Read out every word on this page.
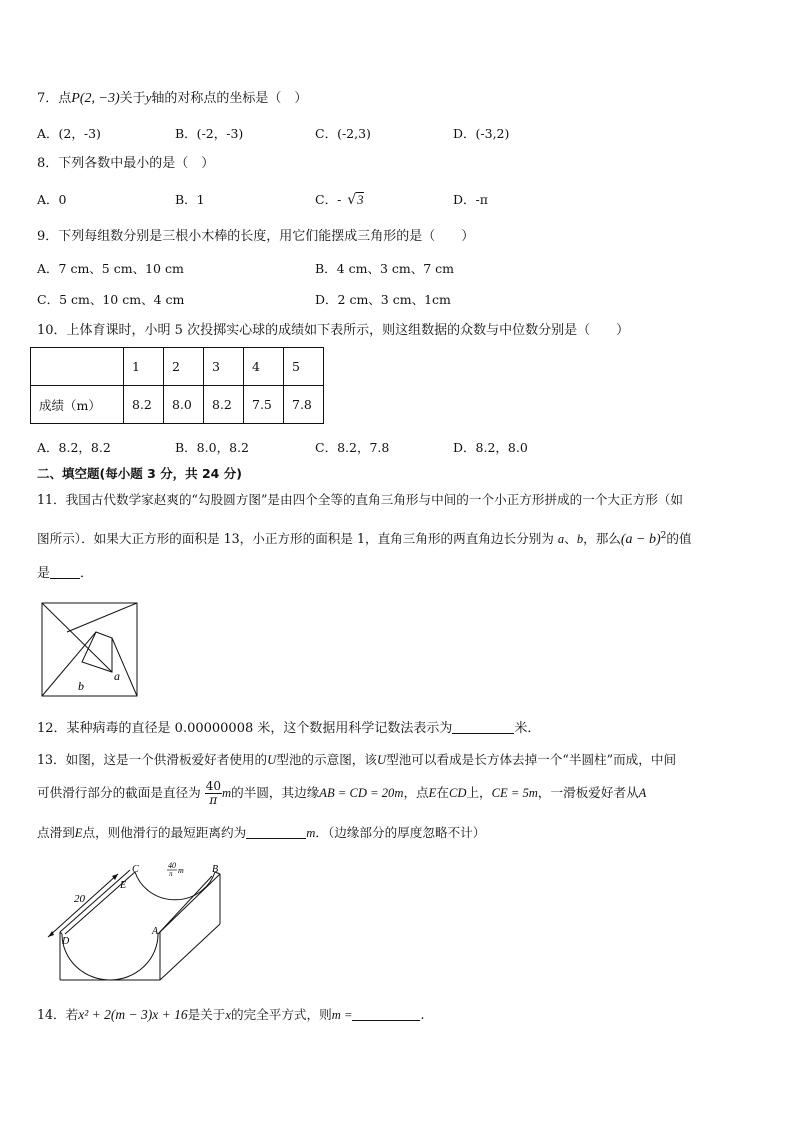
7．点P(2, −3)关于y轴的对称点的坐标是（　）
A．(2，-3)	B．(-2，-3)	C．(-2,3)	D．(-3,2)
8．下列各数中最小的是（　）
A．0	B．1	C．- √3	D．-π
9．下列每组数分别是三根小木棒的长度，用它们能摆成三角形的是（　　）
A．7 cm、5 cm、10 cm	B．4 cm、3 cm、7 cm
C．5 cm、10 cm、4 cm	D．2 cm、3 cm、1cm
10．上体育课时，小明 5 次投掷实心球的成绩如下表所示，则这组数据的众数与中位数分别是（　　）
	1	2	3	4	5
成绩（m）	8.2	8.0	8.2	7.5	7.8
A．8.2，8.2	B．8.0，8.2	C．8.2，7.8	D．8.2，8.0
二、填空题(每小题 3 分，共 24 分)
11．我国古代数学家赵爽的“勾股圆方图”是由四个全等的直角三角形与中间的一个小正方形拼成的一个大正方形（如
图所示）．如果大正方形的面积是 13，小正方形的面积是 1，直角三角形的两直角边长分别为 a、b，那么$(a - b)^2$的值
是 ．
b
a
12．某种病毒的直径是 0.00000008 米，这个数据用科学记数法表示为	米．
13．如图，这是一个供滑板爱好者使用的U型池的示意图，该U型池可以看成是长方体去掉一个“半圆柱”而成，中间
可供滑行部分的截面是直径为 $\frac{40}{\pi}$ m的半圆，其边缘AB = CD = 20m，点E在CD上，CE = 5m，一滑板爱好者从A
点滑到E点，则他滑行的最短距离约为	m．（边缘部分的厚度忽略不计）
20
C
E
D
A
B
40
π m
14．若x² + 2(m − 3)x + 16是关于x的完全平方式，则m =	.
